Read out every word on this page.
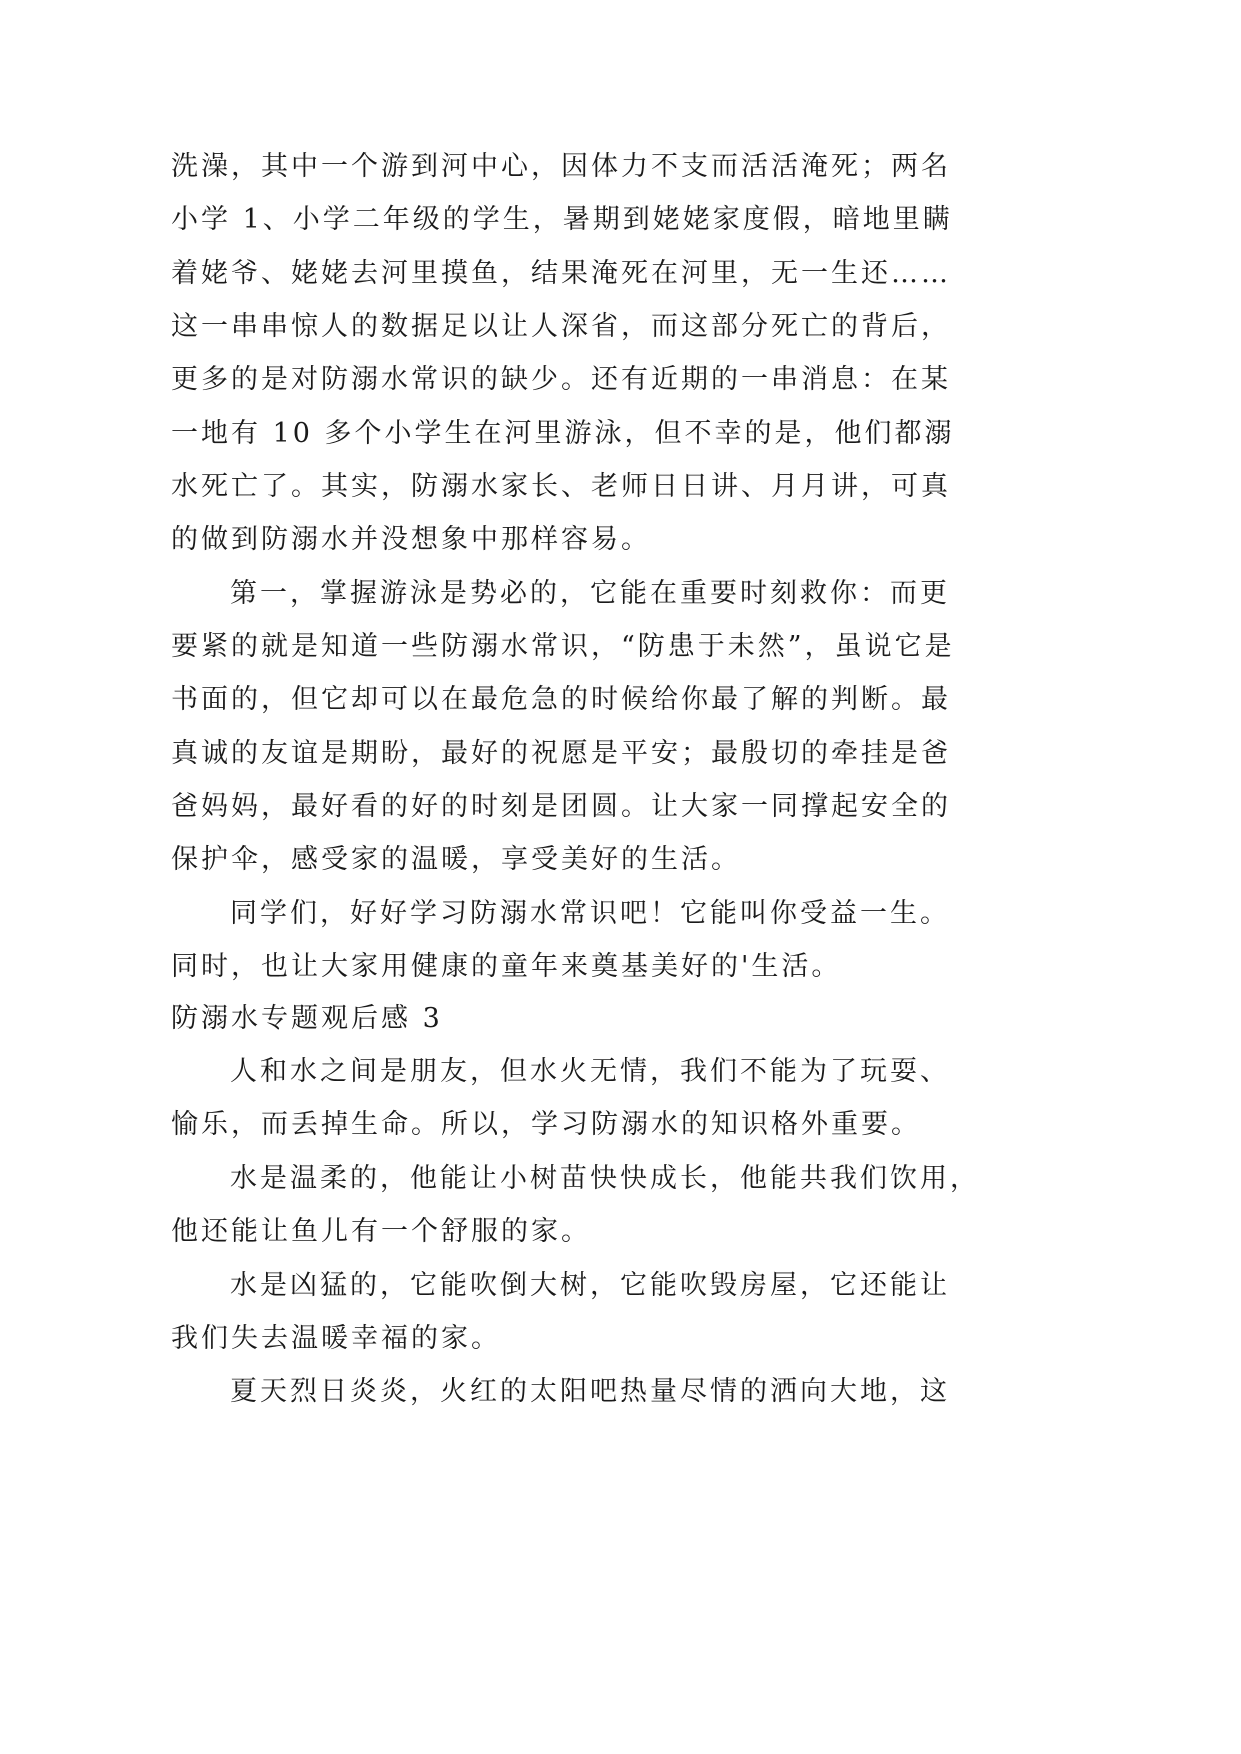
洗澡，其中一个游到河中心，因体力不支而活活淹死；两名
小学 1、小学二年级的学生，暑期到姥姥家度假，暗地里瞒
着姥爷、姥姥去河里摸鱼，结果淹死在河里，无一生还……
这一串串惊人的数据足以让人深省，而这部分死亡的背后，
更多的是对防溺水常识的缺少。还有近期的一串消息：在某
一地有 10 多个小学生在河里游泳，但不幸的是，他们都溺
水死亡了。其实，防溺水家长、老师日日讲、月月讲，可真
的做到防溺水并没想象中那样容易。
第一，掌握游泳是势必的，它能在重要时刻救你：而更
要紧的就是知道一些防溺水常识，“防患于未然”，虽说它是
书面的，但它却可以在最危急的时候给你最了解的判断。最
真诚的友谊是期盼，最好的祝愿是平安；最殷切的牵挂是爸
爸妈妈，最好看的好的时刻是团圆。让大家一同撑起安全的
保护伞，感受家的温暖，享受美好的生活。
同学们，好好学习防溺水常识吧！它能叫你受益一生。
同时，也让大家用健康的童年来奠基美好的'生活。
防溺水专题观后感 3
人和水之间是朋友，但水火无情，我们不能为了玩耍、
愉乐，而丢掉生命。所以，学习防溺水的知识格外重要。
水是温柔的，他能让小树苗快快成长，他能共我们饮用，
他还能让鱼儿有一个舒服的家。
水是凶猛的，它能吹倒大树，它能吹毁房屋，它还能让
我们失去温暖幸福的家。
夏天烈日炎炎，火红的太阳吧热量尽情的洒向大地，这
